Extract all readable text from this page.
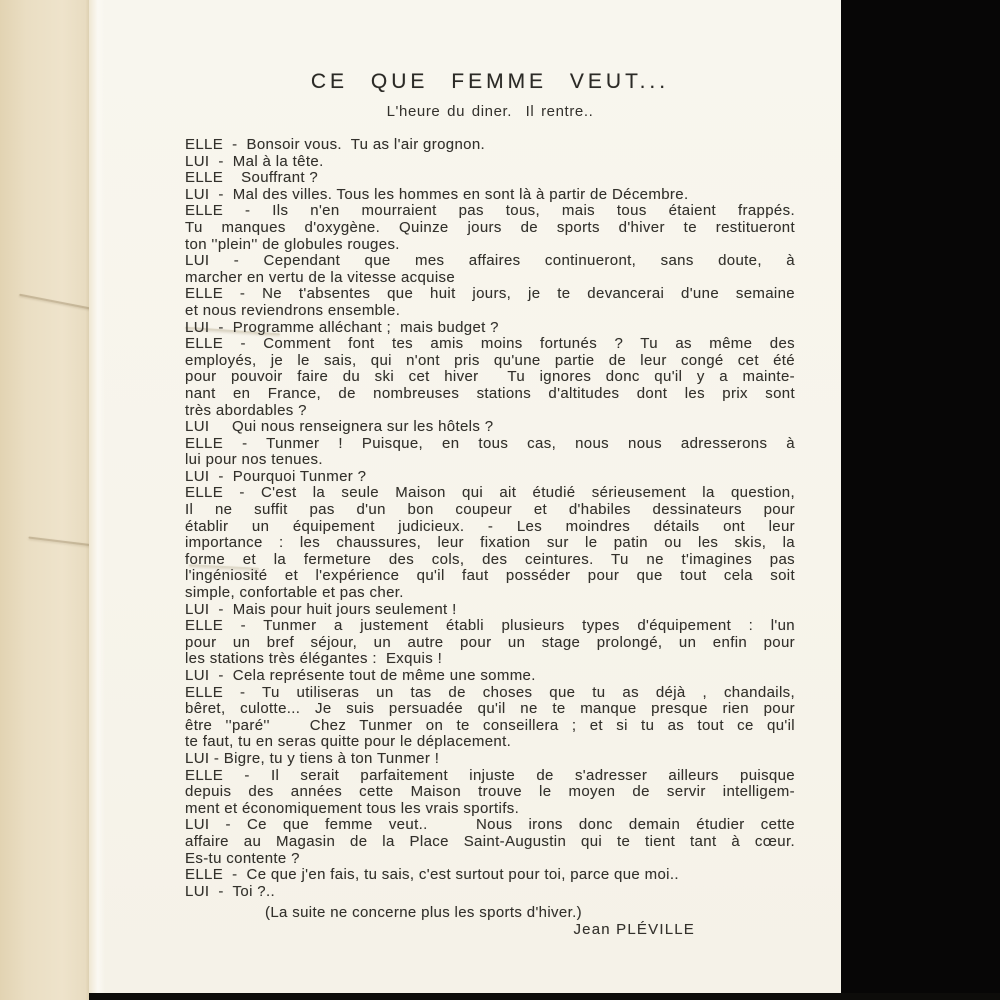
CE QUE FEMME VEUT...
L'heure du diner.  Il rentre..
ELLE  -  Bonsoir vous.  Tu as l'air grognon.
LUI  -  Mal à la tête.
ELLE    Souffrant ?
LUI  -  Mal des villes. Tous les hommes en sont là à partir de Décembre.
ELLE - Ils n'en mourraient pas tous, mais tous étaient frappés.
Tu manques d'oxygène. Quinze jours de sports d'hiver te restitueront
ton ''plein'' de globules rouges.
LUI - Cependant que mes affaires continueront, sans doute, à
marcher en vertu de la vitesse acquise
ELLE - Ne t'absentes que huit jours, je te devancerai d'une semaine
et nous reviendrons ensemble.
LUI  -  Programme alléchant ;  mais budget ?
ELLE - Comment font tes amis moins fortunés ? Tu as même des
employés, je le sais, qui n'ont pris qu'une partie de leur congé cet été
pour pouvoir faire du ski cet hiver  Tu ignores donc qu'il y a mainte-
nant en France, de nombreuses stations d'altitudes dont les prix sont
très abordables ?
LUI     Qui nous renseignera sur les hôtels ?
ELLE - Tunmer ! Puisque, en tous cas, nous nous adresserons à
lui pour nos tenues.
LUI  -  Pourquoi Tunmer ?
ELLE - C'est la seule Maison qui ait étudié sérieusement la question,
Il ne suffit pas d'un bon coupeur et d'habiles dessinateurs pour
établir un équipement judicieux. - Les moindres détails ont leur
importance : les chaussures, leur fixation sur le patin ou les skis, la
forme et la fermeture des cols, des ceintures. Tu ne t'imagines pas
l'ingéniosité et l'expérience qu'il faut posséder pour que tout cela soit
simple, confortable et pas cher.
LUI  -  Mais pour huit jours seulement !
ELLE - Tunmer a justement établi plusieurs types d'équipement : l'un
pour un bref séjour, un autre pour un stage prolongé, un enfin pour
les stations très élégantes :  Exquis !
LUI  -  Cela représente tout de même une somme.
ELLE - Tu utiliseras un tas de choses que tu as déjà , chandails,
bêret, culotte... Je suis persuadée qu'il ne te manque presque rien pour
être ''paré''   Chez Tunmer on te conseillera ; et si tu as tout ce qu'il
te faut, tu en seras quitte pour le déplacement.
LUI - Bigre, tu y tiens à ton Tunmer !
ELLE - Il serait parfaitement injuste de s'adresser ailleurs puisque
depuis des années cette Maison trouve le moyen de servir intelligem-
ment et économiquement tous les vrais sportifs.
LUI - Ce que femme veut..   Nous irons donc demain étudier cette
affaire au Magasin de la Place Saint-Augustin qui te tient tant à cœur.
Es-tu contente ?
ELLE  -  Ce que j'en fais, tu sais, c'est surtout pour toi, parce que moi..
LUI  -  Toi ?..
(La suite ne concerne plus les sports d'hiver.)
Jean PLÉVILLE
